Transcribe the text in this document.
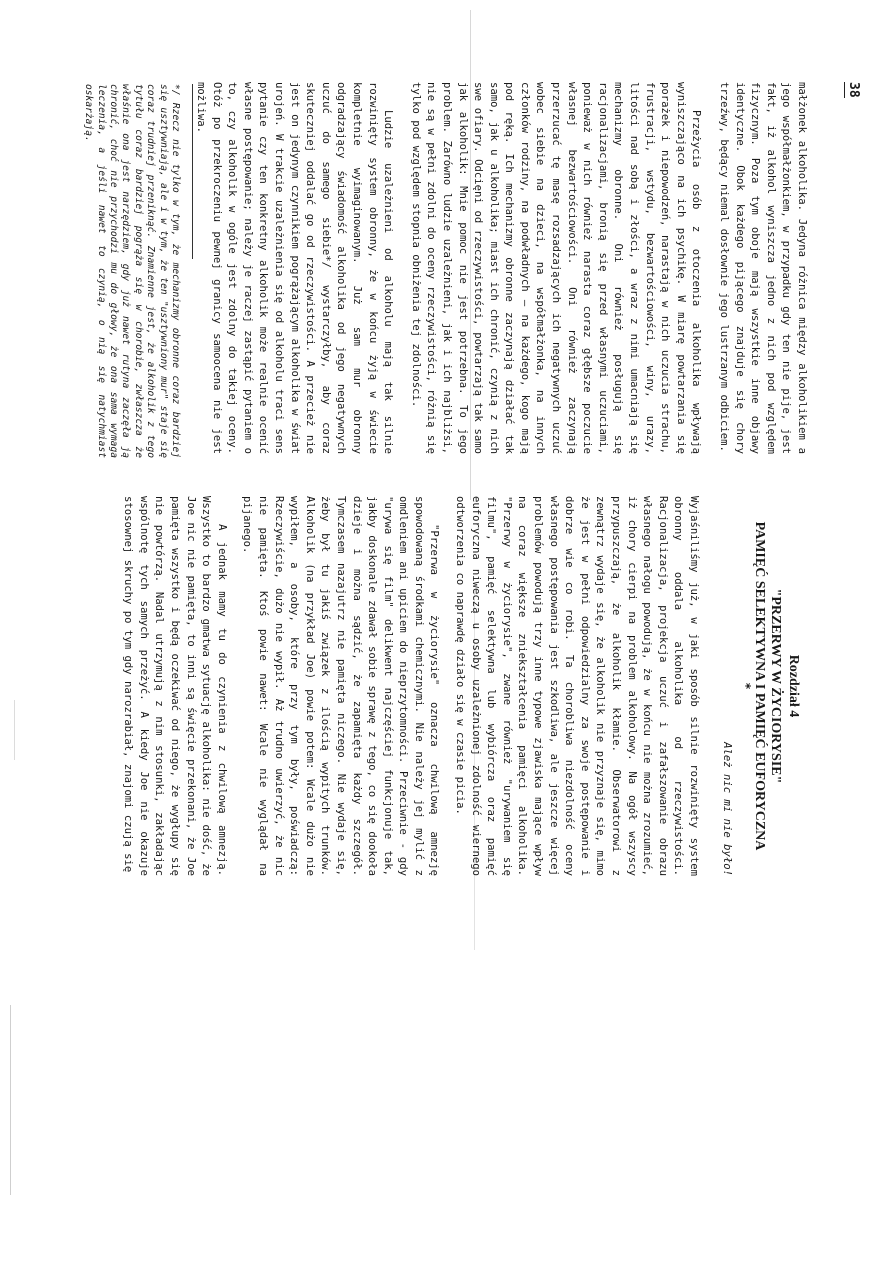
38

małżonek alkoholika. Jedyna różnica między alkoholikiem a jego współmałżonkiem, w przypadku gdy ten nie pije, jest fakt, iż alkohol wyniszcza jedno z nich pod względem fizycznym. Poza tym oboje mają wszystkie inne objawy identyczne. Obok każdego pijącego znajduje się chory trzeźwy, będący niemal dosłownie jego lustrzanym odbiciem.

Przeżycia osób z otoczenia alkoholika wpływają wyniszczająco na ich psychikę. W miarę powtarzania się porażek i niepowodzeń, narastają w nich uczucia strachu, frustracji, wstydu, bezwartościowości, winy, urazy, litości nad sobą i złości, a wraz z nimi umacniają się mechanizmy obronne. Oni również posługują się racjonalizacjami, bronią się przed własnymi uczuciami, ponieważ w nich również narasta coraz głębsze poczucie własnej bezwartościowości. Oni również zaczynają przerzucać tę masę rozsadzających ich negatywnych uczuć wobec siebie na dzieci, na współmałżonka, na innych członków rodziny, na podwładnych — na każdego, kogo mają pod ręką. Ich mechanizmy obronne zaczynają działać tak samo, jak u alkoholika; miast ich chronić, czynią z nich swe ofiary. Odcięni od rzeczywistości, powtarzają tak samo jak alkoholik: Mnie pomoc nie jest potrzebna. To jego problem. Zarówno ludzie uzależnieni, jak i ich najbliżsi, nie są w pełni zdolni do oceny rzeczywistości, różnią się tylko pod względem stopnia obniżenia tej zdolności.

Ludzie uzależnieni od alkoholu mają tak silnie rozwinięty system obronny, że w końcu żyją w świecie kompletnie wyimaginowanym. Już sam mur obronny odgradzający świadomość alkoholika od jego negatywnych uczuć do samego siebie*/ wystarczyłby, aby coraz skuteczniej oddalać go od rzeczywistości. A przecież nie jest on jedynym czynnikiem pogrążającym alkoholika w świat urojeń. W trakcie uzależnienia się od alkoholu traci sens pytanie czy ten konkretny alkoholik może realnie ocenić własne postępowanie; należy je raczej zastąpić pytaniem o to, czy alkoholik w ogóle jest zdolny do takiej oceny. Otóż po przekroczeniu pewnej granicy samoocena nie jest możliwa.

*/ Rzecz nie tylko w tym, że mechanizmy obronne coraz bardziej się usztywniają, ale i w tym, że ten "usztywniony mur" staje się coraz trudniej przeniknąć. Znamienne jest, że alkoholik z tego tytułu coraz bardziej pogrąża się w chorobie, zwłaszcza że właśnie ona jest narzędziem, gdy już nawet rutyna zaczęła ją chronić, choć nie przychodzi mu do głowy, że ona sama wymaga leczenia, a jeśli nawet to czynią, o nią się natychmiast oskarżają.
Rozdział 4
"PRZERWY W ŻYCIORYSIE"
PAMIĘĆ SELEKTYWNA I PAMIĘĆ EUFORYCZNA
*
Ależ nic mi nie było!

Wyjaśniliśmy już, w jaki sposób silnie rozwinięty system obronny oddala alkoholika od rzeczywistości. Racjonalizacja, projekcja uczuć i zafałszowanie obrazu własnego nałogu powodują, że w końcu nie można zrozumieć, iż chory cierpi na problem alkoholowy. Na ogół wszyscy przypuszczają, że alkoholik kłamie. Obserwatorowi z zewnątrz wydaje się, że alkoholik nie przyznaje się, mimo że jest w pełni odpowiedzialny za swoje postępowanie i dobrze wie co robi. Ta chorobliwa niezdolność oceny własnego postępowania jest szkodliwa, ale jeszcze więcej problemów powodują trzy inne typowe zjawiska mające wpływ na coraz większe zniekształcenia pamięci alkoholika. "Przerwy w życiorysie", zwane również "urywaniem się filmu", pamięć selektywna lub wybiórcza oraz pamięć euforyczna niweczą u osoby uzależnionej zdolność wiernego odtworzenia co naprawdę działo się w czasie picia.

"Przerwa w życiorysie" oznacza chwilową amnezję spowodowaną środkami chemicznymi. Nie należy jej mylić z omdleniem ani upiciem do nieprzytomności. Przeciwnie - gdy "urywa się film" delikwent najczęściej funkcjonuje tak, jakby doskonale zdawał sobie sprawę z tego, co się dookoła dzieje i można sądzić, że zapamięta każdy szczegół. Tymczasem nazajutrz nie pamięta niczego. Nie wydaje się, żeby był tu jakiś związek z ilością wypitych trunków. Alkoholik (na przykład Joe) powie potem: Wcale dużo nie wypiłem, a osoby, które przy tym były, poświadczą: Rzeczywiście, dużo nie wypił. Aż trudno uwierzyć, że nic nie pamięta. Ktoś powie nawet: Wcale nie wyglądał na pijanego.

A jednak mamy tu do czynienia z chwilową amnezją. Wszystko to bardzo gmatwa sytuację alkoholika: nie dość, że Joe nic nie pamięta, to inni są święcie przekonani, że Joe pamięta wszystko i będą oczekiwać od niego, że wygłupy się nie powtórzą. Nadal utrzymują z nim stosunki, zakładając wspólnotę tych samych przeżyć. A kiedy Joe nie okazuje stosownej skruchy po tym gdy narozrabiał, znajomi czują się
